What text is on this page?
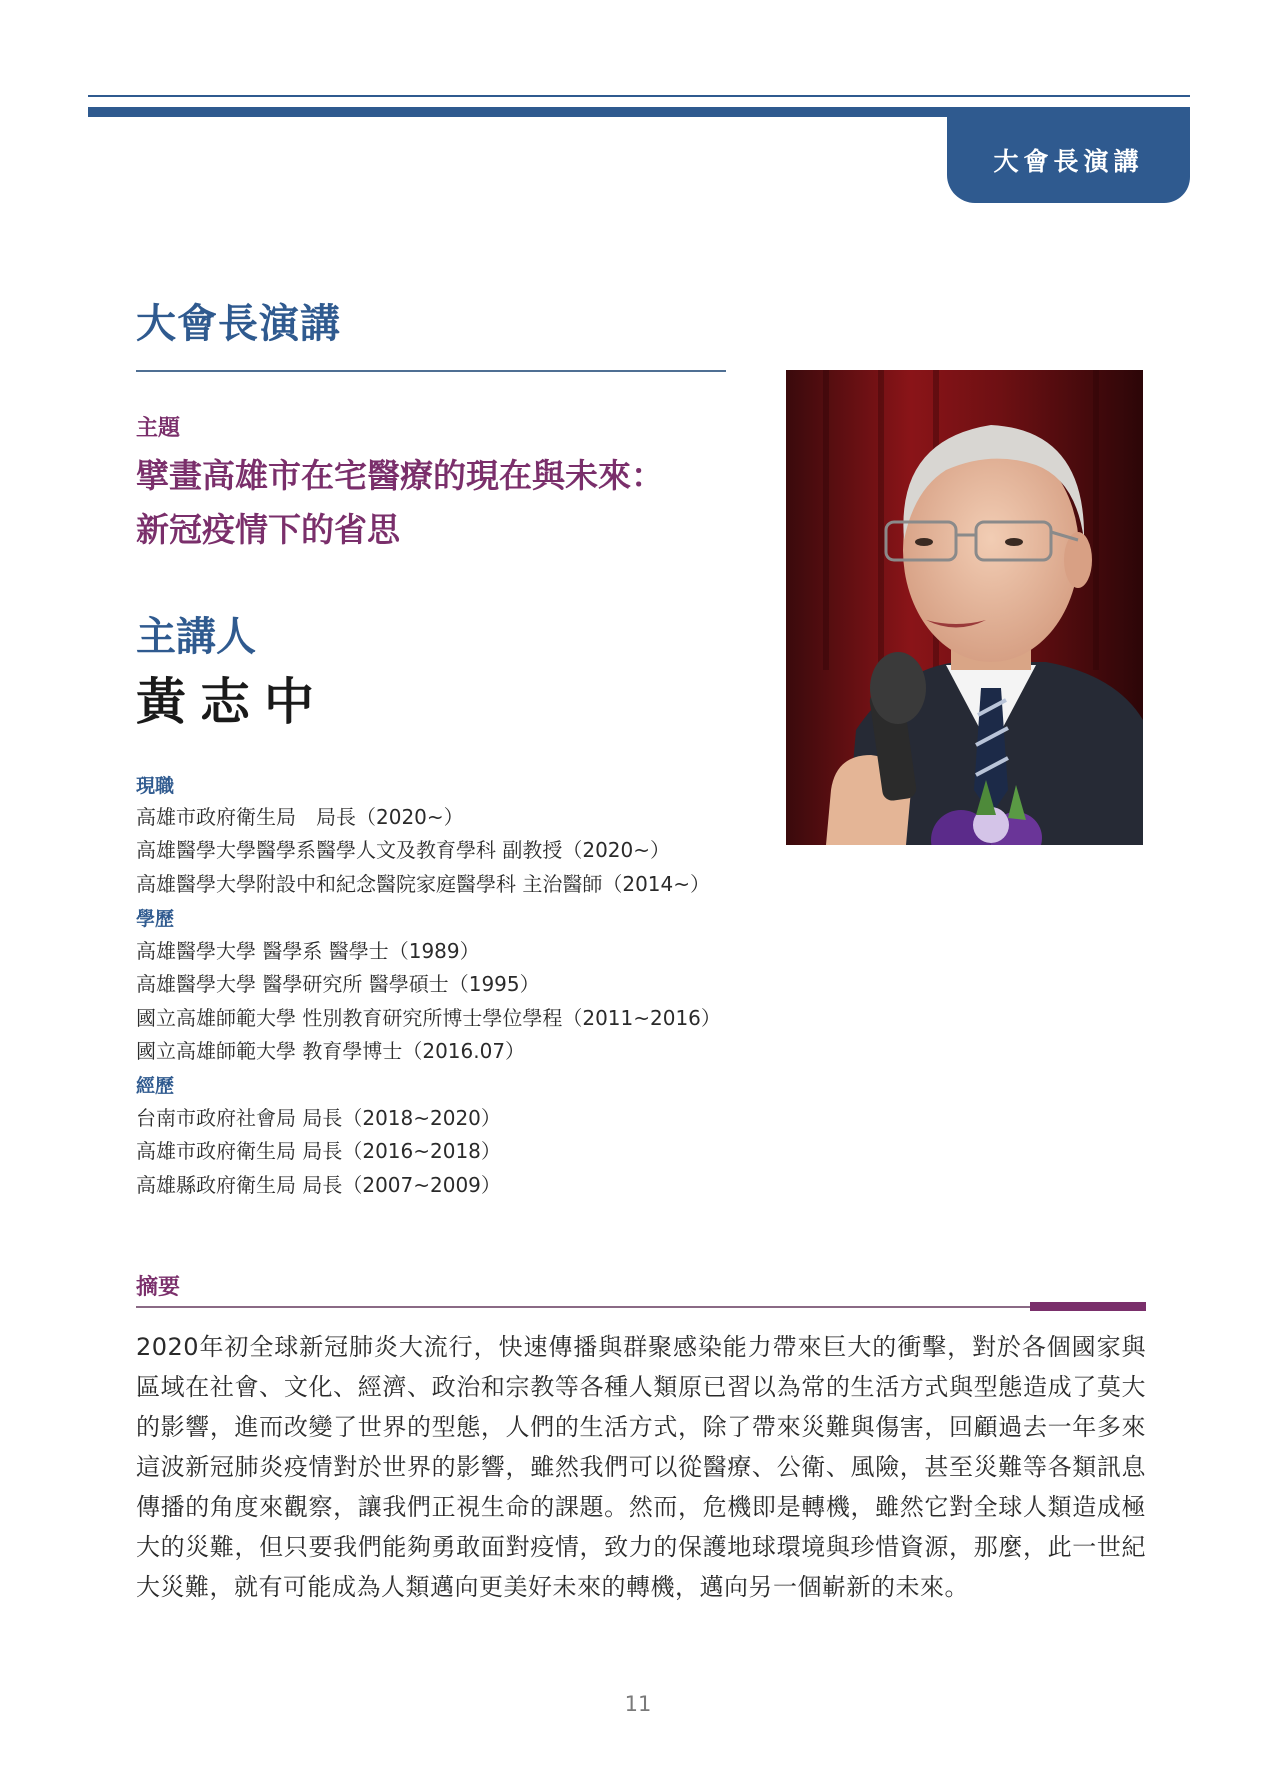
大會長演講
大會長演講
主題
擘畫高雄市在宅醫療的現在與未來：
新冠疫情下的省思
主講人
黃志中
現職
高雄市政府衛生局　局長（2020~）
高雄醫學大學醫學系醫學人文及教育學科 副教授（2020~）
高雄醫學大學附設中和紀念醫院家庭醫學科 主治醫師（2014~）
學歷
高雄醫學大學 醫學系 醫學士（1989）
高雄醫學大學 醫學研究所 醫學碩士（1995）
國立高雄師範大學 性別教育研究所博士學位學程（2011~2016）
國立高雄師範大學 教育學博士（2016.07）
經歷
台南市政府社會局 局長（2018~2020）
高雄市政府衛生局 局長（2016~2018）
高雄縣政府衛生局 局長（2007~2009）
摘要
2020年初全球新冠肺炎大流行，快速傳播與群聚感染能力帶來巨大的衝擊，對於各個國家與區域在社會、文化、經濟、政治和宗教等各種人類原已習以為常的生活方式與型態造成了莫大的影響，進而改變了世界的型態，人們的生活方式，除了帶來災難與傷害，回顧過去一年多來這波新冠肺炎疫情對於世界的影響，雖然我們可以從醫療、公衛、風險，甚至災難等各類訊息傳播的角度來觀察，讓我們正視生命的課題。然而，危機即是轉機，雖然它對全球人類造成極大的災難，但只要我們能夠勇敢面對疫情，致力的保護地球環境與珍惜資源，那麼，此一世紀大災難，就有可能成為人類邁向更美好未來的轉機，邁向另一個嶄新的未來。
11
